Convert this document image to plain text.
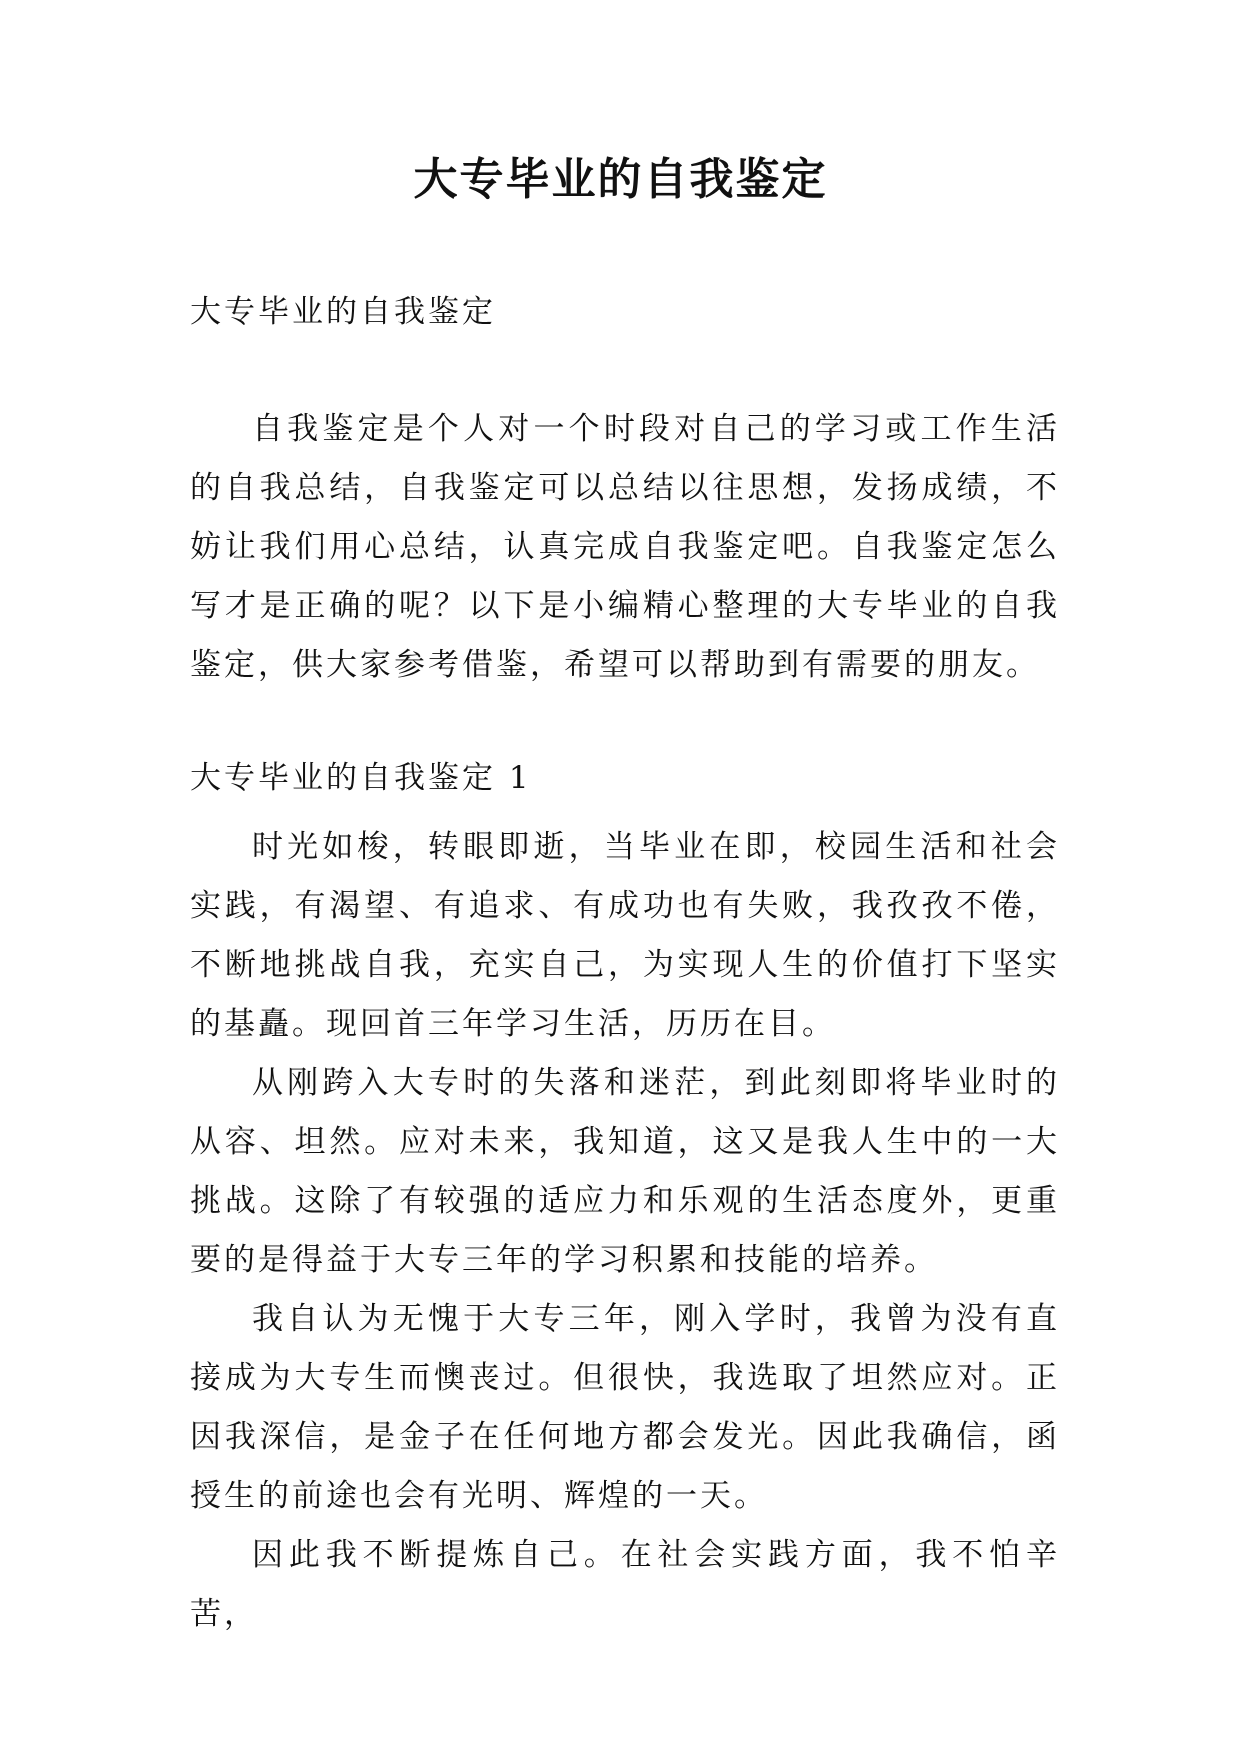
大专毕业的自我鉴定
大专毕业的自我鉴定

自我鉴定是个人对一个时段对自己的学习或工作生活的自我总结，自我鉴定可以总结以往思想，发扬成绩，不妨让我们用心总结，认真完成自我鉴定吧。自我鉴定怎么写才是正确的呢？以下是小编精心整理的大专毕业的自我鉴定，供大家参考借鉴，希望可以帮助到有需要的朋友。

大专毕业的自我鉴定 1

时光如梭，转眼即逝，当毕业在即，校园生活和社会实践，有渴望、有追求、有成功也有失败，我孜孜不倦，不断地挑战自我，充实自己，为实现人生的价值打下坚实的基矗。现回首三年学习生活，历历在目。

从刚跨入大专时的失落和迷茫，到此刻即将毕业时的从容、坦然。应对未来，我知道，这又是我人生中的一大挑战。这除了有较强的适应力和乐观的生活态度外，更重要的是得益于大专三年的学习积累和技能的培养。

我自认为无愧于大专三年，刚入学时，我曾为没有直接成为大专生而懊丧过。但很快，我选取了坦然应对。正因我深信，是金子在任何地方都会发光。因此我确信，函授生的前途也会有光明、辉煌的一天。

因此我不断提炼自己。在社会实践方面，我不怕辛苦，
